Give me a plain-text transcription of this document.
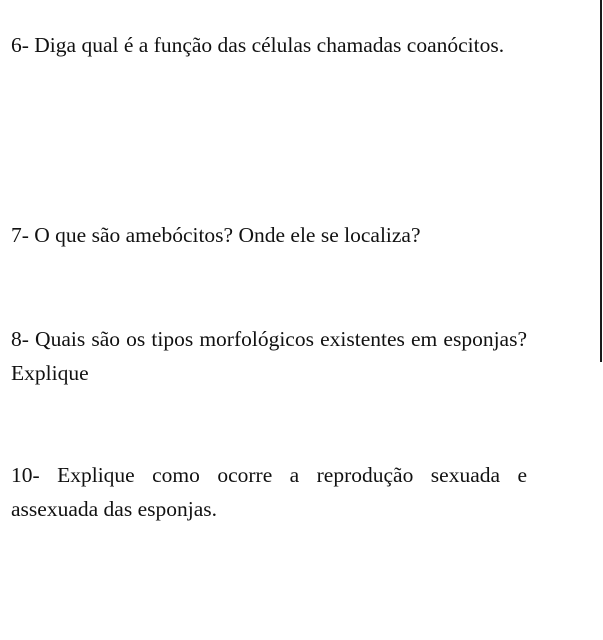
6- Diga qual é a função das células chamadas coanócitos.

7- O que são amebócitos? Onde ele se localiza?

8- Quais são os tipos morfológicos existentes em esponjas? Explique

10- Explique como ocorre a reprodução sexuada e assexuada das esponjas.
